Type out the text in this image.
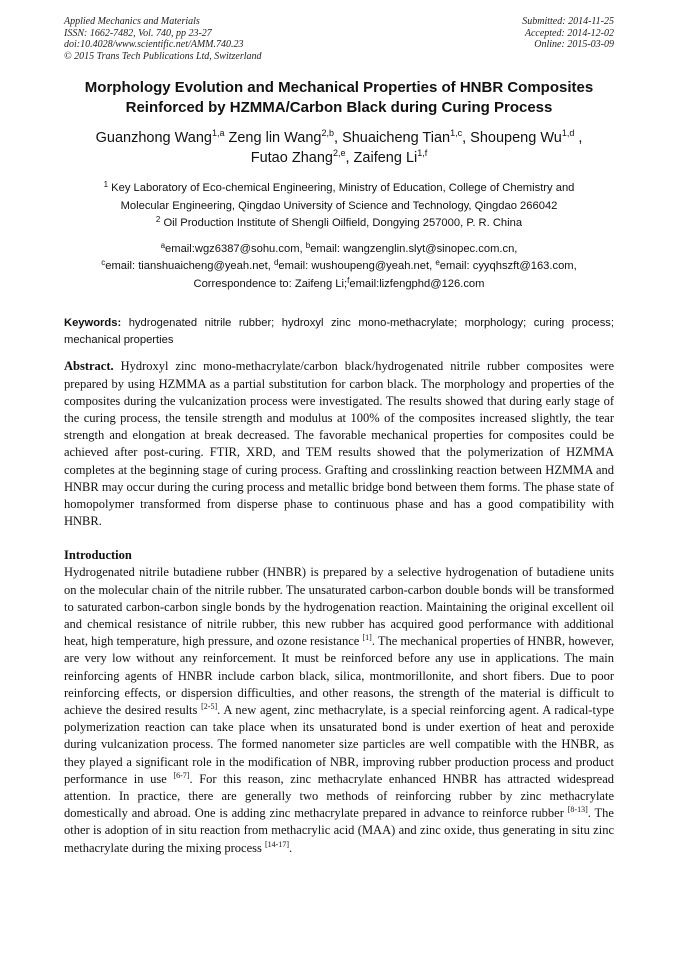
Applied Mechanics and Materials
ISSN: 1662-7482, Vol. 740, pp 23-27
doi:10.4028/www.scientific.net/AMM.740.23
© 2015 Trans Tech Publications Ltd, Switzerland
Submitted: 2014-11-25
Accepted: 2014-12-02
Online: 2015-03-09
Morphology Evolution and Mechanical Properties of HNBR Composites
Reinforced by HZMMA/Carbon Black during Curing Process
Guanzhong Wang$^{1,a}$ Zeng lin Wang$^{2,b}$, Shuaicheng Tian$^{1,c}$, Shoupeng Wu$^{1,d}$ ,
Futao Zhang$^{2,e}$, Zaifeng Li$^{1,f}$
$^1$ Key Laboratory of Eco-chemical Engineering, Ministry of Education, College of Chemistry and
Molecular Engineering, Qingdao University of Science and Technology, Qingdao 266042
$^2$ Oil Production Institute of Shengli Oilfield, Dongying 257000, P. R. China
$^a$email:wgz6387@sohu.com, $^b$email: wangzenglin.slyt@sinopec.com.cn,
$^c$email: tianshuaicheng@yeah.net, $^d$email: wushoupeng@yeah.net, $^e$email: cyyqhszft@163.com,
Correspondence to: Zaifeng Li;$^f$email:lizfengphd@126.com
Keywords: hydrogenated nitrile rubber; hydroxyl zinc mono-methacrylate; morphology; curing process; mechanical properties
Abstract. Hydroxyl zinc mono-methacrylate/carbon black/hydrogenated nitrile rubber composites were prepared by using HZMMA as a partial substitution for carbon black. The morphology and properties of the composites during the vulcanization process were investigated. The results showed that during early stage of the curing process, the tensile strength and modulus at 100% of the composites increased slightly, the tear strength and elongation at break decreased. The favorable mechanical properties for composites could be achieved after post-curing. FTIR, XRD, and TEM results showed that the polymerization of HZMMA completes at the beginning stage of curing process. Grafting and crosslinking reaction between HZMMA and HNBR may occur during the curing process and metallic bridge bond between them forms. The phase state of homopolymer transformed from disperse phase to continuous phase and has a good compatibility with HNBR.
Introduction
Hydrogenated nitrile butadiene rubber (HNBR) is prepared by a selective hydrogenation of butadiene units on the molecular chain of the nitrile rubber. The unsaturated carbon-carbon double bonds will be transformed to saturated carbon-carbon single bonds by the hydrogenation reaction. Maintaining the original excellent oil and chemical resistance of nitrile rubber, this new rubber has acquired good performance with additional heat, high temperature, high pressure, and ozone resistance [1]. The mechanical properties of HNBR, however, are very low without any reinforcement. It must be reinforced before any use in applications. The main reinforcing agents of HNBR include carbon black, silica, montmorillonite, and short fibers. Due to poor reinforcing effects, or dispersion difficulties, and other reasons, the strength of the material is difficult to achieve the desired results [2-5]. A new agent, zinc methacrylate, is a special reinforcing agent. A radical-type polymerization reaction can take place when its unsaturated bond is under exertion of heat and peroxide during vulcanization process. The formed nanometer size particles are well compatible with the HNBR, as they played a significant role in the modification of NBR, improving rubber production process and product performance in use [6-7]. For this reason, zinc methacrylate enhanced HNBR has attracted widespread attention. In practice, there are generally two methods of reinforcing rubber by zinc methacrylate domestically and abroad. One is adding zinc methacrylate prepared in advance to reinforce rubber [8-13]. The other is adoption of in situ reaction from methacrylic acid (MAA) and zinc oxide, thus generating in situ zinc methacrylate during the mixing process [14-17].
